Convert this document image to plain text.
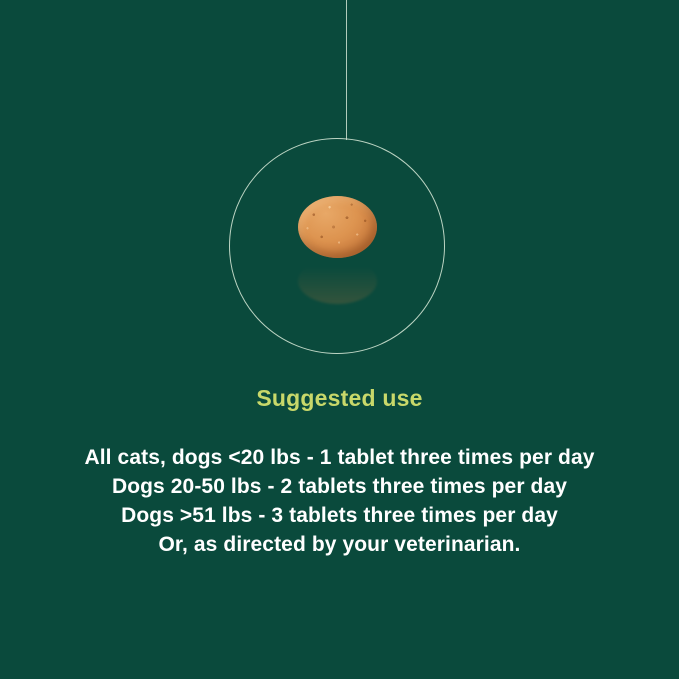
Suggested use
All cats, dogs <20 lbs - 1 tablet three times per day
Dogs 20-50 lbs - 2 tablets three times per day
Dogs >51 lbs - 3 tablets three times per day
Or, as directed by your veterinarian.
